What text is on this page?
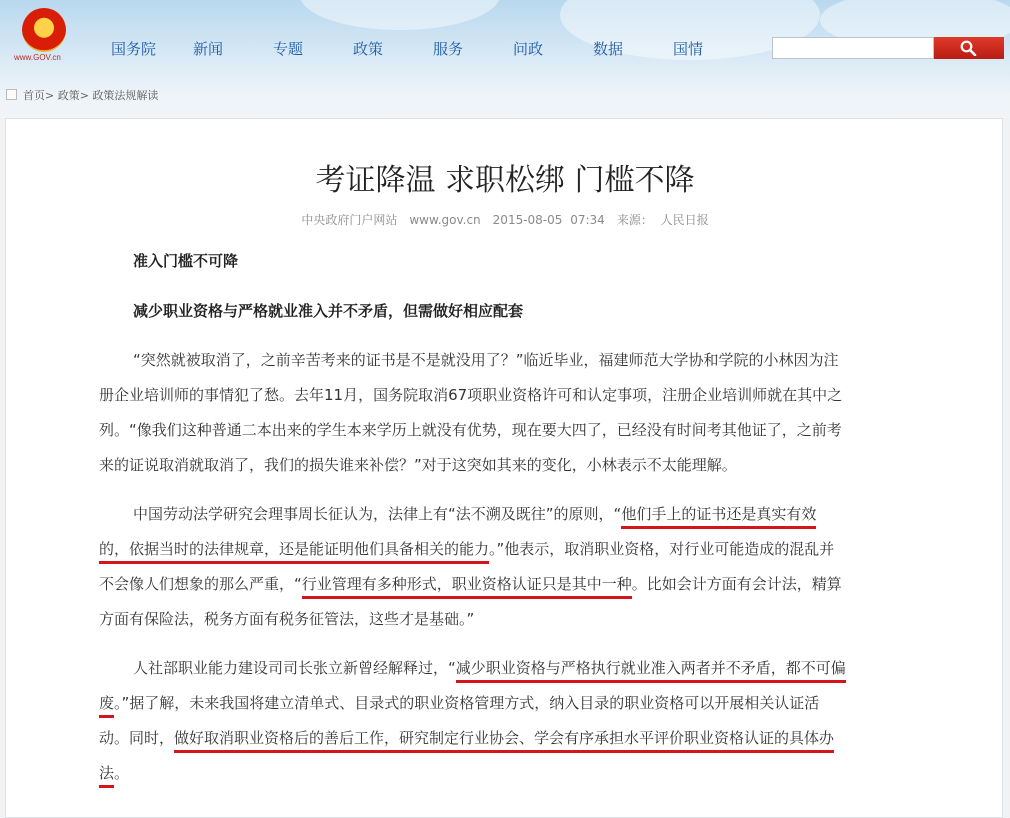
★
www.GOV.cn	国务院 新闻	专题	政策	服务	问政	数据	国情
首页> 政策> 政策法规解读
考证降温 求职松绑 门槛不降
中央政府门户网站 www.gov.cn 2015-08-05 07:34 来源： 人民日报
准入门槛不可降
减少职业资格与严格就业准入并不矛盾，但需做好相应配套
“突然就被取消了，之前辛苦考来的证书是不是就没用了？”临近毕业，福建师范大学协和学院的小林因为注
册企业培训师的事情犯了愁。去年11月，国务院取消67项职业资格许可和认定事项，注册企业培训师就在其中之
列。“像我们这种普通二本出来的学生本来学历上就没有优势，现在要大四了，已经没有时间考其他证了，之前考
来的证说取消就取消了，我们的损失谁来补偿？”对于这突如其来的变化，小林表示不太能理解。
中国劳动法学研究会理事周长征认为，法律上有“法不溯及既往”的原则，“他们手上的证书还是真实有效
的，依据当时的法律规章，还是能证明他们具备相关的能力。”他表示，取消职业资格，对行业可能造成的混乱并
不会像人们想象的那么严重，“行业管理有多种形式，职业资格认证只是其中一种。比如会计方面有会计法，精算
方面有保险法，税务方面有税务征管法，这些才是基础。”
人社部职业能力建设司司长张立新曾经解释过，“减少职业资格与严格执行就业准入两者并不矛盾，都不可偏
废。”据了解，未来我国将建立清单式、目录式的职业资格管理方式，纳入目录的职业资格可以开展相关认证活
动。同时，做好取消职业资格后的善后工作，研究制定行业协会、学会有序承担水平评价职业资格认证的具体办
法。
